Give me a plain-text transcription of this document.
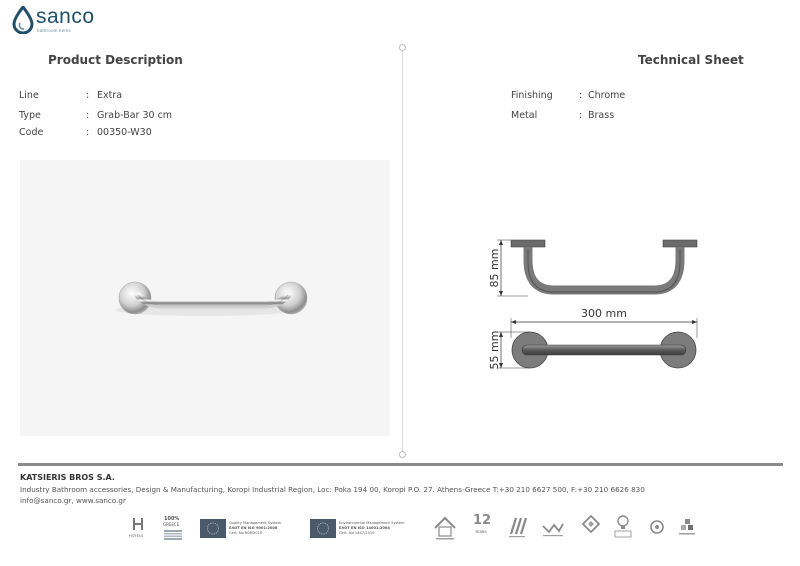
sanco
bathroom items
Product Description
Line	: Extra
Type	: Grab-Bar 30 cm
Code	: 00350-W30
Technical Sheet
Finishing	: Chrome
Metal	: Brass
85 mm
300 mm
55 mm
KATSIERIS BROS S.A.
Industry Bathroom accessories, Design & Manufacturing, Koropi Industrial Region, Loc: Poka 194 00, Koropi P.O. 27. Athens-Greece T:+30 210 6627 500, F:+30 210 6626 830
info@sanco.gr, www.sanco.gr
HOTELS
100%
GREECE	Quality Management System
ΕΛΟΤ EN ISO 9001:2008
Cert. No 608/2010
Environmental Management System
ΕΛΟΤ EN ISO 14001:2004
Cert. No 1447/2010
12
YEARS
